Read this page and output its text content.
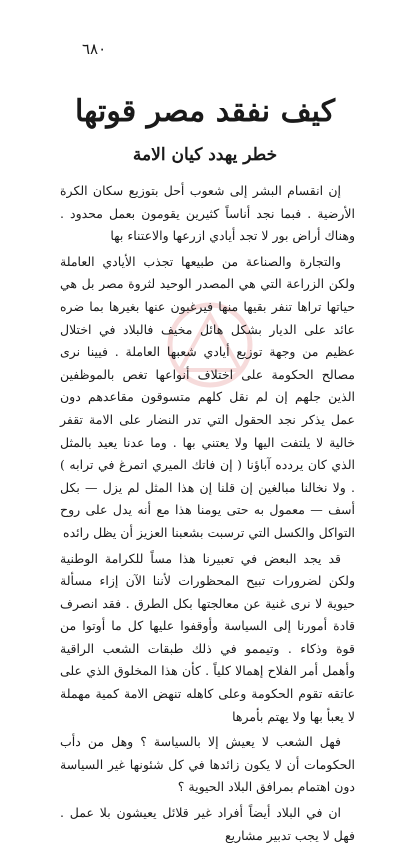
٦٨٠
كيف نفقد مصر قوتها
خطر يهدد كيان الامة

إن انقسام البشر إلى شعوب أحل بتوزيع سكان الكرة الأرضية . فبما نجد أناساً كثيرين يقومون بعمل محدود . وهناك أراض بور لا تجد أيادي ازرعها والاعتناء بها

والتجارة والصناعة من طبيعها تجذب الأيادي العاملة ولكن الزراعة التي هي المصدر الوحيد لثروة مصر بل هي حياتها تراها تنفر بقيها منها فيرغبون عنها بغيرها بما ضره عائد على الديار بشكل هائل مخيف فالبلاد في اختلال عظيم من وجهة توزيع أيادي شعبها العاملة . فيينا نرى مصالح الحكومة على اختلاف أنواعها تغص بالموظفين الذين جلهم إن لم نقل كلهم متسوقون مقاعدهم دون عمل يذكر نجد الحقول التي تدر النضار على الامة تقفر خالية لا يلتفت اليها ولا يعتني بها . وما عدنا يعيد بالمثل الذي كان يردده آباؤنا ( إن فاتك الميري اتمرغ في ترابه ) . ولا نخالنا مبالغين إن قلنا إن هذا المثل لم يزل — بكل أسف — معمول به حتى يومنا هذا مع أنه يدل على روح التواكل والكسل التي ترسبت بشعبنا العزيز أن يظل رائده

قد يجد البعض في تعبيرنا هذا مساً للكرامة الوطنية ولكن لضرورات تبيح المحظورات لأننا الآن إزاء مسألة حيوية لا نرى غنية عن معالجتها بكل الطرق . فقد انصرف قادة أمورنا إلى السياسة وأوقفوا عليها كل ما أوتوا من قوة وذكاء . وتيممو في ذلك طبقات الشعب الراقية وأهمل أمر الفلاح إهمالا كلياً . كأن هذا المخلوق الذي على عاتقه تقوم الحكومة وعلى كاهله تنهض الامة كمية مهملة لا يعبأ بها ولا يهتم بأمرها

فهل الشعب لا يعيش إلا بالسياسة ؟ وهل من دأب الحكومات أن لا يكون زائدها في كل شئونها غير السياسة دون اهتمام بمرافق البلاد الحيوية ؟

ان في البلاد أيضاً أفراد غير قلائل يعيشون بلا عمل . فهل لا يجب تدبير مشاريع
